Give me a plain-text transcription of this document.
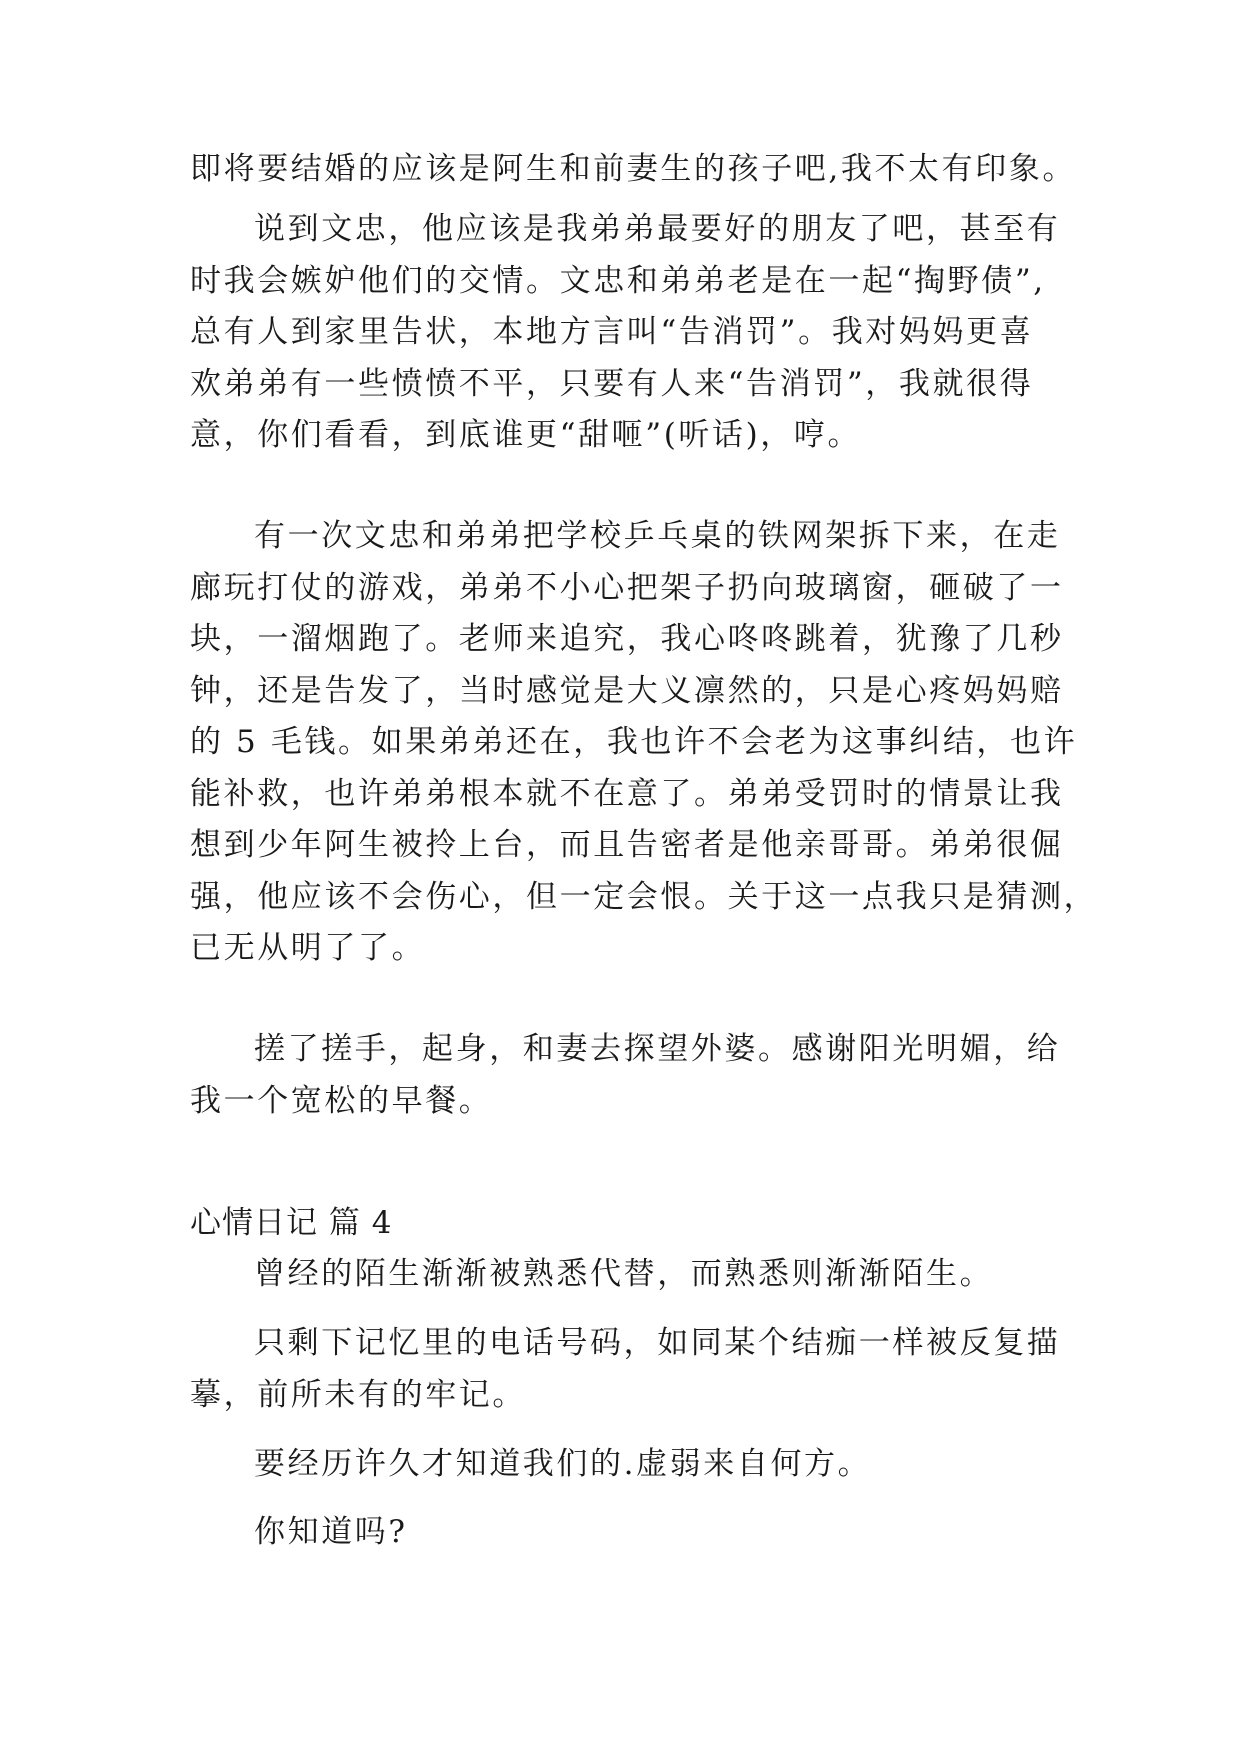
即将要结婚的应该是阿生和前妻生的孩子吧,我不太有印象。
说到文忠，他应该是我弟弟最要好的朋友了吧，甚至有
时我会嫉妒他们的交情。文忠和弟弟老是在一起“掏野债”,
总有人到家里告状，本地方言叫“告消罚”。我对妈妈更喜
欢弟弟有一些愤愤不平，只要有人来“告消罚”，我就很得
意，你们看看，到底谁更“甜咂”(听话)，哼。
有一次文忠和弟弟把学校乒乓桌的铁网架拆下来，在走
廊玩打仗的游戏，弟弟不小心把架子扔向玻璃窗，砸破了一
块，一溜烟跑了。老师来追究，我心咚咚跳着，犹豫了几秒
钟，还是告发了，当时感觉是大义凛然的，只是心疼妈妈赔
的 5 毛钱。如果弟弟还在，我也许不会老为这事纠结，也许
能补救，也许弟弟根本就不在意了。弟弟受罚时的情景让我
想到少年阿生被拎上台，而且告密者是他亲哥哥。弟弟很倔
强，他应该不会伤心，但一定会恨。关于这一点我只是猜测，
已无从明了了。
搓了搓手，起身，和妻去探望外婆。感谢阳光明媚，给
我一个宽松的早餐。
心情日记 篇 4
曾经的陌生渐渐被熟悉代替，而熟悉则渐渐陌生。
只剩下记忆里的电话号码，如同某个结痂一样被反复描
摹，前所未有的牢记。
要经历许久才知道我们的.虚弱来自何方。
你知道吗?
